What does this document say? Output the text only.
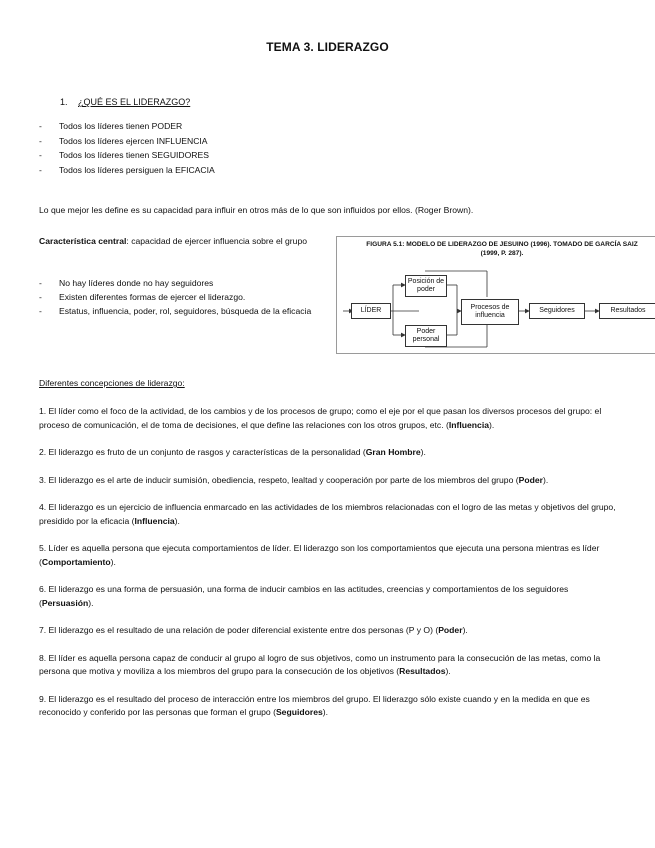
TEMA 3. LIDERAZGO
1. ¿QUÉ ES EL LIDERAZGO?
- Todos los líderes tienen PODER
- Todos los líderes ejercen INFLUENCIA
- Todos los líderes tienen SEGUIDORES
- Todos los líderes persiguen la EFICACIA
Lo que mejor les define es su capacidad para influir en otros más de lo que son influidos por ellos. (Roger Brown).
Característica central: capacidad de ejercer influencia sobre el grupo
- No hay líderes donde no hay seguidores
- Existen diferentes formas de ejercer el liderazgo.
- Estatus, influencia, poder, rol, seguidores, búsqueda de la eficacia
FIGURA 5.1: MODELO DE LIDERAZGO DE JESUINO (1996). TOMADO DE GARCÍA SAIZ
(1999, P. 287).
LÍDER
Posición de poder
Poder personal
Procesos de influencia
Seguidores	Resultados
Diferentes concepciones de liderazgo:
1. El líder como el foco de la actividad, de los cambios y de los procesos de grupo; como el eje por el que pasan los diversos procesos del grupo: el proceso de comunicación, el de toma de decisiones, el que define las relaciones con los otros grupos, etc. (Influencia).
2. El liderazgo es fruto de un conjunto de rasgos y características de la personalidad (Gran Hombre).
3. El liderazgo es el arte de inducir sumisión, obediencia, respeto, lealtad y cooperación por parte de los miembros del grupo (Poder).
4. El liderazgo es un ejercicio de influencia enmarcado en las actividades de los miembros relacionadas con el logro de las metas y objetivos del grupo, presidido por la eficacia (Influencia).
5. Líder es aquella persona que ejecuta comportamientos de líder. El liderazgo son los comportamientos que ejecuta una persona mientras es líder (Comportamiento).
6. El liderazgo es una forma de persuasión, una forma de inducir cambios en las actitudes, creencias y comportamientos de los seguidores (Persuasión).
7. El liderazgo es el resultado de una relación de poder diferencial existente entre dos personas (P y O) (Poder).
8. El líder es aquella persona capaz de conducir al grupo al logro de sus objetivos, como un instrumento para la consecución de las metas, como la persona que motiva y moviliza a los miembros del grupo para la consecución de los objetivos (Resultados).
9. El liderazgo es el resultado del proceso de interacción entre los miembros del grupo. El liderazgo sólo existe cuando y en la medida en que es reconocido y conferido por las personas que forman el grupo (Seguidores).
